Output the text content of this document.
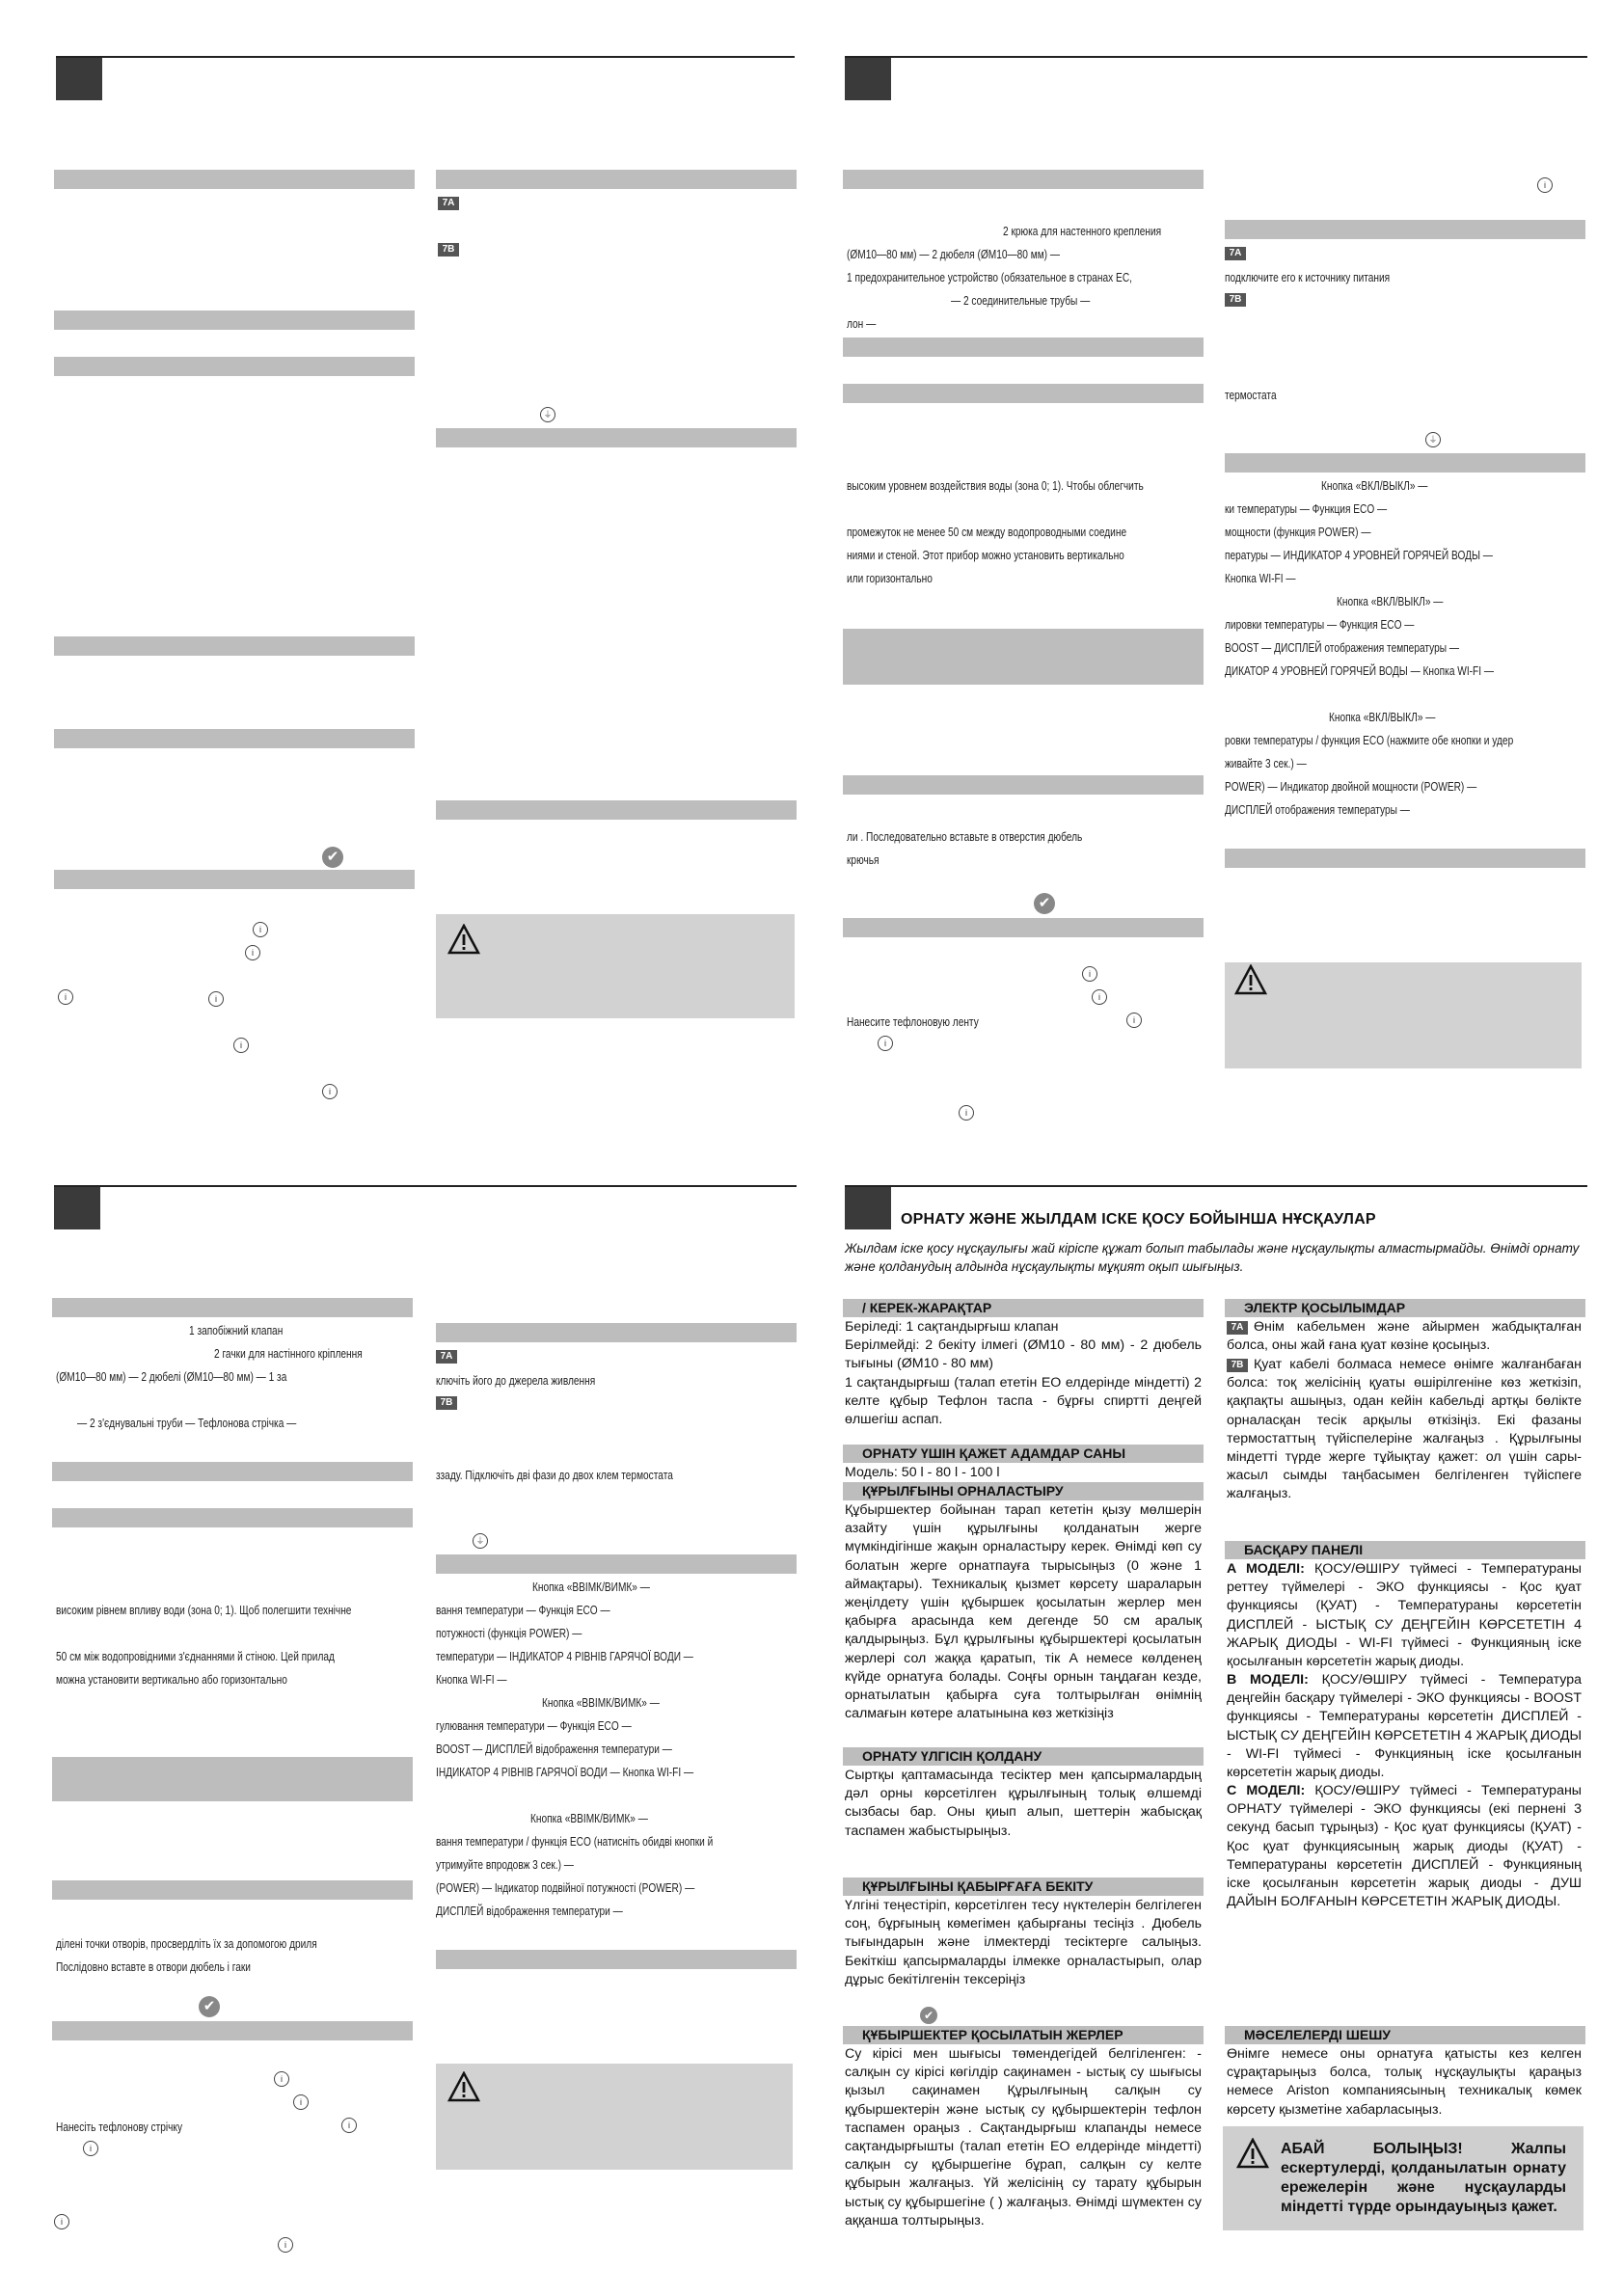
✔
i
i
i	i
i
i
7A
7B
⏚
2 крюка для настенного крепления
(ØМ10—80 мм) — 2 дюбеля (ØМ10—80 мм) —
1 предохранительное устройство (обязательное в странах ЕС,
— 2 соединительные трубы —
лон —
высоким уровнем воздействия воды (зона 0; 1). Чтобы облегчить
промежуток не менее 50 см между водопроводными соедине
ниями и стеной. Этот прибор можно установить вертикально
или горизонтально
ли . Последовательно вставьте в отверстия дюбель
крючья
✔
i
i
Нанесите тефлоновую ленту	i
i
i
i
7A
подключите его к источнику питания
7B
термостата
⏚
Кнопка «ВКЛ/ВЫКЛ» —
ки температуры — Функция ECO —
мощности (функция POWER) —
пературы — ИНДИКАТОР 4 УРОВНЕЙ ГОРЯЧЕЙ ВОДЫ —
Кнопка WI-FI —
Кнопка «ВКЛ/ВЫКЛ» —
лировки температуры — Функция ECO —
BOOST — ДИСПЛЕЙ отображения температуры —
ДИКАТОР 4 УРОВНЕЙ ГОРЯЧЕЙ ВОДЫ — Кнопка WI-FI —
Кнопка «ВКЛ/ВЫКЛ» —
ровки температуры / функция ECO (нажмите обе кнопки и удер
живайте 3 сек.) —
POWER) — Индикатор двойной мощности (POWER) —
ДИСПЛЕЙ отображения температуры —
1 запобіжний клапан
2 гачки для настінного кріплення
(ØМ10—80 мм) — 2 дюбелі (ØМ10—80 мм) — 1 за
— 2 з'єднувальні труби — Тефлонова стрічка —
високим рівнем впливу води (зона 0; 1). Щоб полегшити технічне
50 см між водопровідними з'єднаннями й стіною. Цей прилад
можна установити вертикально або горизонтально
ділені точки отворів, просвердліть їх за допомогою дриля
Послідовно вставте в отвори дюбель і гаки
✔
i
i
Нанесіть тефлонову стрічку	i
i
i
i
7A
ключіть його до джерела живлення
7B
ззаду. Підключіть дві фази до двох клем термостата
⏚
Кнопка «ВВІМК/ВИМК» —
вання температури — Функція ECO —
потужності (функція POWER) —
температури — ІНДИКАТОР 4 РІВНІВ ГАРЯЧОЇ ВОДИ —
Кнопка WI-FI —
Кнопка «ВВІМК/ВИМК» —
гулювання температури — Функція ECO —
BOOST — ДИСПЛЕЙ відображення температури —
ІНДИКАТОР 4 РІВНІВ ГАРЯЧОЇ ВОДИ — Кнопка WI-FI —
Кнопка «ВВІМК/ВИМК» —
вання температури / функція ECO (натисніть обидві кнопки й
утримуйте впродовж 3 сек.) —
(POWER) — Індикатор подвійної потужності (POWER) —
ДИСПЛЕЙ відображення температури —
ОРНАТУ ЖӘНЕ ЖЫЛДАМ ІСКЕ ҚОСУ БОЙЫНША НҰСҚАУЛАР
Жылдам іске қосу нұсқаулығы жай кіріспе құжат болып табылады және нұсқаулықты алмастырмайды. Өнімді орнату және қолданудың алдында нұсқаулықты мұқият оқып шығыңыз.
/ КЕРЕК-ЖАРАҚТАР

Берiледi: 1 сақтандырғыш клапан

Берілмейді: 2 бекіту ілмегі (ØM10 - 80 мм) - 2 дюбель тығыны (ØM10 - 80 мм)

1 сақтандырғыш (талап ететін ЕО елдерінде міндетті) 2 келте құбыр Тефлон таспа - бұрғы спиртті деңгей өлшегіш аспап.

ОРНАТУ ҮШІН ҚАЖЕТ АДАМДАР САНЫ
Модель: 50 l - 80 l - 100 l
ҚҰРЫЛҒЫНЫ ОРНАЛАСТЫРУ
Құбыршектер бойынан тарап кететін қызу мөлшерін азайту үшін құрылғыны қолданатын жерге мүмкіндігінше жақын орналастыру керек. Өнімді көп су болатын жерге орнатпауға тырысыңыз (0 және 1 аймақтары). Техникалық қызмет көрсету шараларын жеңілдету үшін құбыршек қосылатын жерлер мен қабырға арасында кем дегенде 50 см аралық қалдырыңыз. Бұл құрылғыны құбыршектері қосылатын жерлері сол жаққа қаратып, тік A немесе көлденең күйде орнатуға болады. Соңғы орнын таңдаған кезде, орнатылатын қабырға суға толтырылған өнімнің салмағын көтере алатынына көз жеткізіңіз
ОРНАТУ ҮЛГІСІН ҚОЛДАНУ
Сыртқы қаптамасында тесіктер мен қапсырмалардың дәл орны көрсетілген құрылғының толық өлшемді сызбасы бар. Оны қиып алып, шеттерін жабысқақ таспамен жабыстырыңыз.
ҚҰРЫЛҒЫНЫ ҚАБЫРҒАҒА БЕКІТУ
Үлгіні теңестіріп, көрсетілген тесу нүктелерін белгілеген соң, бұрғының көмегімен қабырғаны тесіңіз . Дюбель тығындарын және ілмектерді тесіктерге салыңыз. Бекіткіш қапсырмаларды ілмекке орналастырып, олар дұрыс бекітілгенін тексеріңіз
✔
ҚҰБЫРШЕКТЕР ҚОСЫЛАТЫН ЖЕРЛЕР
Су кірісі мен шығысы төмендегідей белгіленген: - салқын су кірісі көгілдір сақинамен - ыстық су шығысы қызыл сақинамен Құрылғының салқын су құбыршектерін және ыстық су құбыршектерін тефлон таспамен ораңыз . Сақтандырғыш клапанды немесе сақтандырғышты (талап ететін ЕО елдерінде міндетті) салқын су құбыршегіне бұрап, салқын су келте құбырын жалғаңыз. Үй желісінің су тарату құбырын ыстық су құбыршегіне ( ) жалғаңыз. Өнімді шүмектен су аққанша толтырыңыз.
ЭЛЕКТР ҚОСЫЛЫМДАР
7A Өнім кабельмен және айырмен жабдықталған болса, оны жай ғана қуат көзіне қосыңыз.
7B Қуат кабелі болмаса немесе өнімге жалғанбаған болса: тоқ желісінің қуаты өшірілгеніне көз жеткізіп, қақпақты ашыңыз, одан кейін кабельді артқы бөлікте орналасқан тесік арқылы өткізіңіз. Екі фазаны термостаттың түйіспелеріне жалғаңыз . Құрылғыны міндетті түрде жерге тұйықтау қажет: ол үшін сары-жасыл сымды таңбасымен белгіленген түйіспеге жалғаңыз.
БАСҚАРУ ПАНЕЛІ
A МОДЕЛІ: ҚОСУ/ӨШІРУ түймесі - Температураны реттеу түймелері - ЭКО функциясы - Қос қуат функциясы (ҚУАТ) - Температураны көрсететін ДИСПЛЕЙ - ЫСТЫҚ СУ ДЕҢГЕЙІН КӨРСЕТЕТІН 4 ЖАРЫҚ ДИОДЫ - WI-FI түймесі - Функцияның іске қосылғанын көрсететін жарық диоды.
B МОДЕЛІ: ҚОСУ/ӨШІРУ түймесі - Температура деңгейін басқару түймелері - ЭКО функциясы - BOOST функциясы - Температураны көрсететін ДИСПЛЕЙ - ЫСТЫҚ СУ ДЕҢГЕЙІН КӨРСЕТЕТІН 4 ЖАРЫҚ ДИОДЫ - WI-FI түймесі - Функцияның іске қосылғанын көрсететін жарық диоды.
C МОДЕЛІ: ҚОСУ/ӨШІРУ түймесі - Температураны ОРНАТУ түймелері - ЭКО функциясы (екі пернені 3 секунд басып тұрыңыз) - Қос қуат функциясы (ҚУАТ) - Қос қуат функциясының жарық диоды (ҚУАТ) - Температураны көрсететін ДИСПЛЕЙ - Функцияның іске қосылғанын көрсететін жарық диоды - ДУШ ДАЙЫН БОЛҒАНЫН КӨРСЕТЕТІН ЖАРЫҚ ДИОДЫ.
МӘСЕЛЕЛЕРДІ ШЕШУ
Өнімге немесе оны орнатуға қатысты кез келген сұрақтарыңыз болса, толық нұсқаулықты қараңыз немесе Ariston компаниясының техникалық көмек көрсету қызметіне хабарласыңыз.
АБАЙ БОЛЫҢЫЗ! Жалпы ескертулерді, қолданылатын орнату ережелерін және нұсқауларды міндетті түрде орындауыңыз қажет.
